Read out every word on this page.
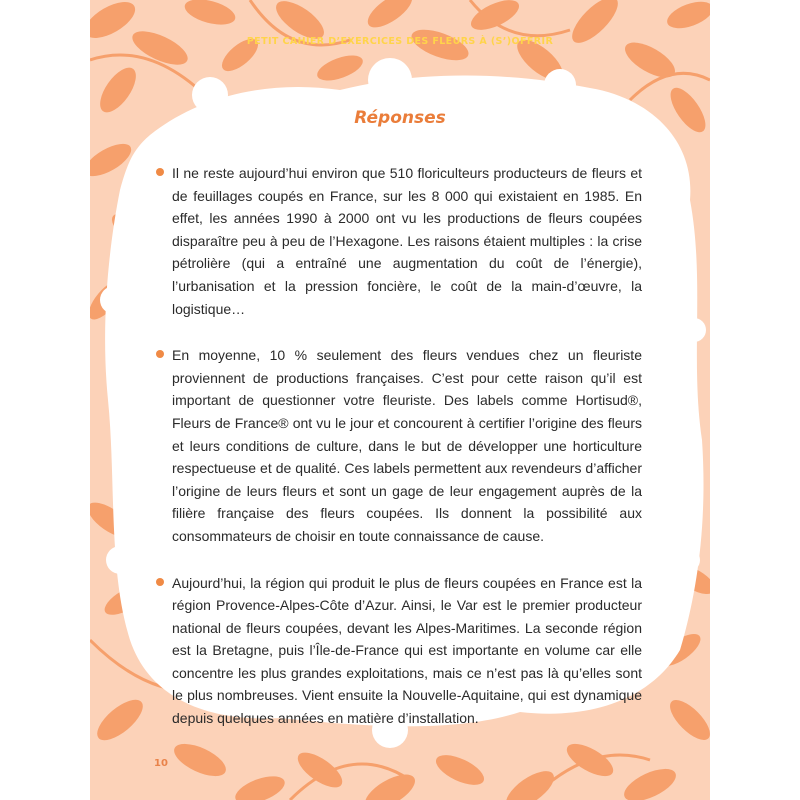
PETIT CAHIER D’EXERCICES DES FLEURS À (S’)OFFRIR
Réponses
Il ne reste aujourd’hui environ que 510 floriculteurs producteurs de fleurs et de feuillages coupés en France, sur les 8 000 qui existaient en 1985. En effet, les années 1990 à 2000 ont vu les productions de fleurs coupées disparaître peu à peu de l’Hexagone. Les raisons étaient multiples : la crise pétrolière (qui a entraîné une augmentation du coût de l’énergie), l’urbanisation et la pression foncière, le coût de la main-d’œuvre, la logistique…
En moyenne, 10 % seulement des fleurs vendues chez un fleuriste proviennent de productions françaises. C’est pour cette raison qu’il est important de questionner votre fleuriste. Des labels comme Hortisud®, Fleurs de France® ont vu le jour et concourent à certifier l’origine des fleurs et leurs conditions de culture, dans le but de développer une horticulture respectueuse et de qualité. Ces labels permettent aux revendeurs d’afficher l’origine de leurs fleurs et sont un gage de leur engagement auprès de la filière française des fleurs coupées. Ils donnent la possibilité aux consommateurs de choisir en toute connaissance de cause.
Aujourd’hui, la région qui produit le plus de fleurs coupées en France est la région Provence-Alpes-Côte d’Azur. Ainsi, le Var est le premier producteur national de fleurs coupées, devant les Alpes-Maritimes. La seconde région est la Bretagne, puis l’Île-de-France qui est importante en volume car elle concentre les plus grandes exploitations, mais ce n’est pas là qu’elles sont le plus nombreuses. Vient ensuite la Nouvelle-Aquitaine, qui est dynamique depuis quelques années en matière d’installation.
10
